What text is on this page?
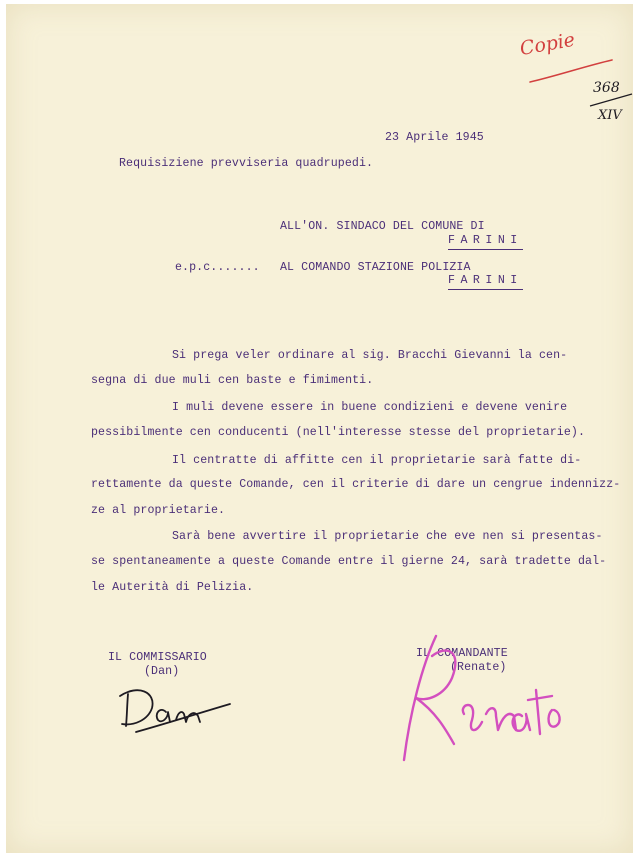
Copie
368
XIV
23 Aprile 1945
Requisiziene prevviseria quadrupedi.
ALL'ON. SINDACO DEL COMUNE DI
FARINI
e.p.c....... AL COMANDO STAZIONE POLIZIA
FARINI
Si prega veler ordinare al sig. Bracchi Gievanni la cen-
segna di due muli cen baste e fimimenti.
I muli devene essere in buene condizieni e devene venire
pessibilmente cen conducenti (nell'interesse stesse del proprietarie).
Il centratte di affitte cen il proprietarie sarà fatte di-
rettamente da queste Comande, cen il criterie di dare un cengrue indennizz-
ze al proprietarie.
Sarà bene avvertire il proprietarie che eve nen si presentas-
se spentaneamente a queste Comande entre il gierne 24, sarà tradette dal-
le Auterità di Pelizia.
IL COMMISSARIO
(Dan)
IL COMANDANTE
(Renate)
